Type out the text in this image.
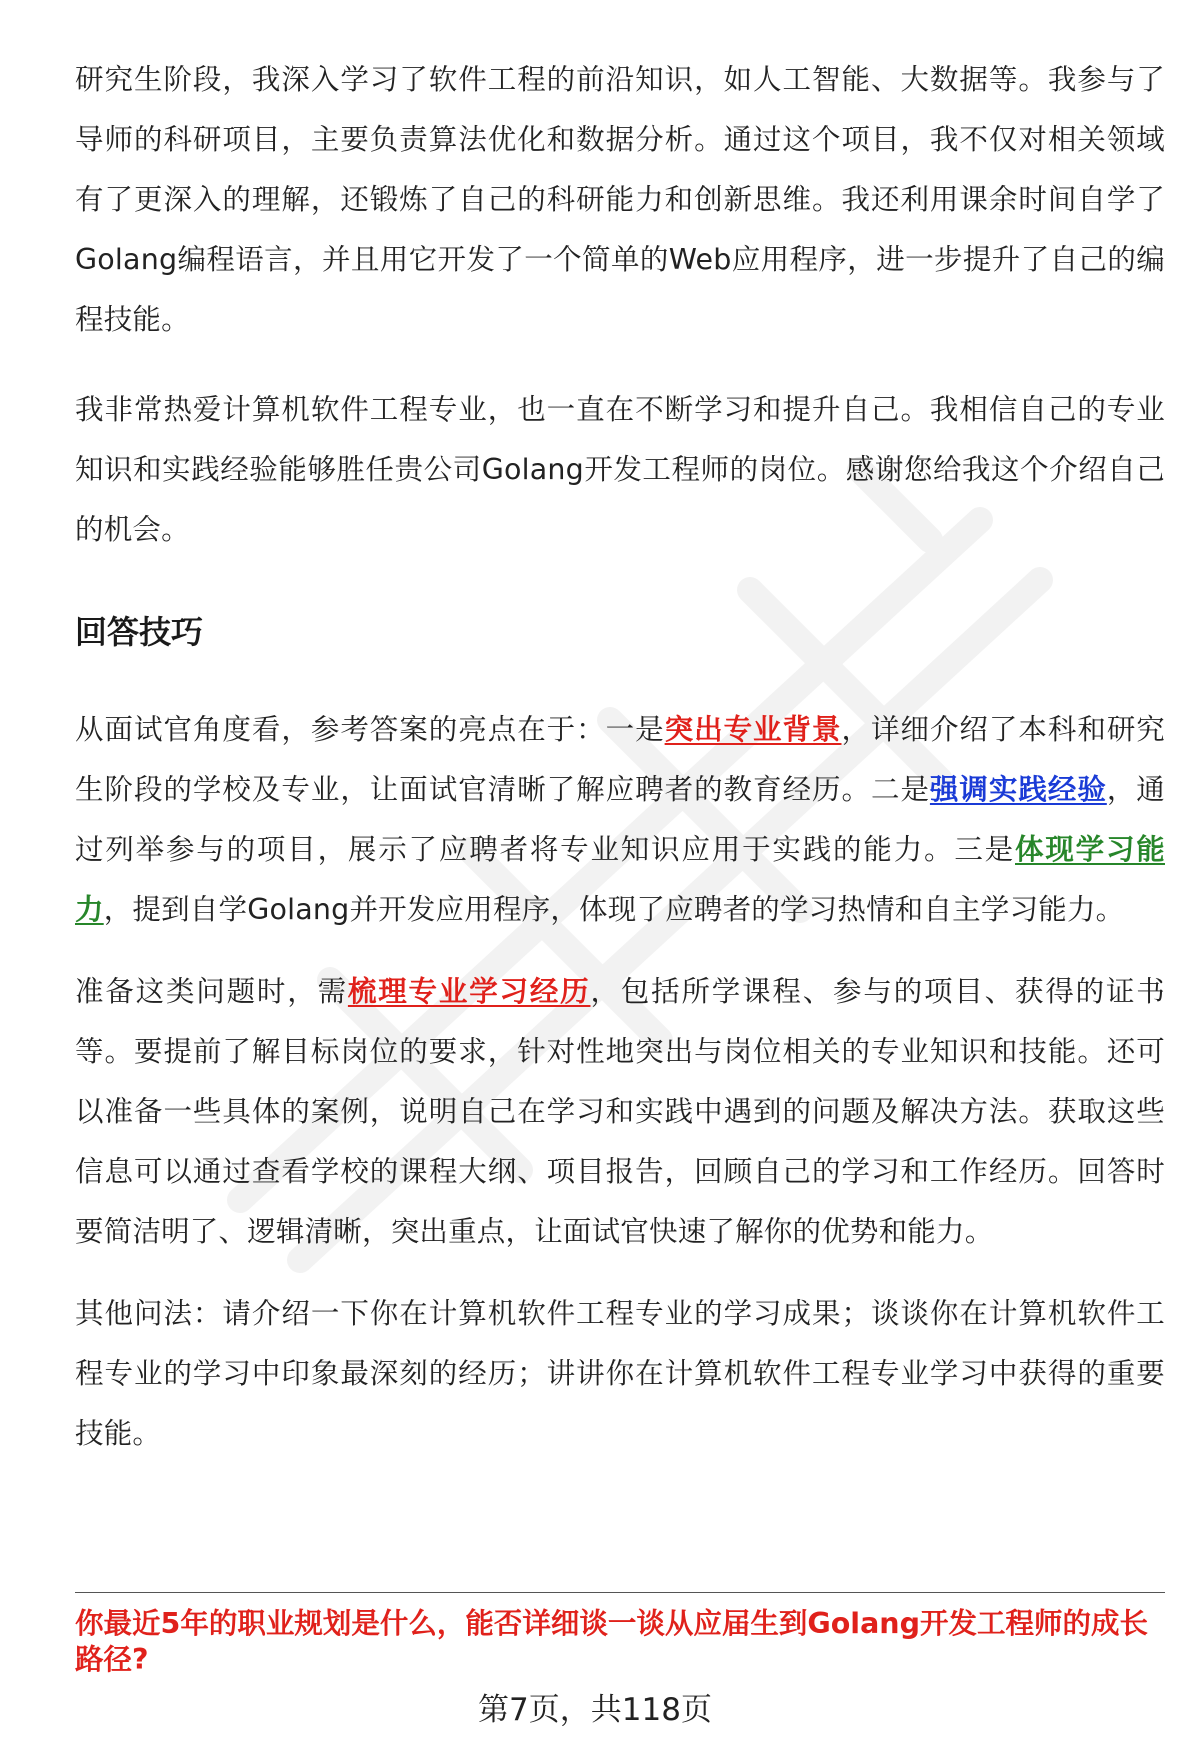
研究生阶段，我深入学习了软件工程的前沿知识，如人工智能、大数据等。我参与了导师的科研项目，主要负责算法优化和数据分析。通过这个项目，我不仅对相关领域有了更深入的理解，还锻炼了自己的科研能力和创新思维。我还利用课余时间自学了Golang编程语言，并且用它开发了一个简单的Web应用程序，进一步提升了自己的编程技能。

我非常热爱计算机软件工程专业，也一直在不断学习和提升自己。我相信自己的专业知识和实践经验能够胜任贵公司Golang开发工程师的岗位。感谢您给我这个介绍自己的机会。

回答技巧

从面试官角度看，参考答案的亮点在于：一是突出专业背景，详细介绍了本科和研究生阶段的学校及专业，让面试官清晰了解应聘者的教育经历。二是强调实践经验，通过列举参与的项目，展示了应聘者将专业知识应用于实践的能力。三是体现学习能力，提到自学Golang并开发应用程序，体现了应聘者的学习热情和自主学习能力。

准备这类问题时，需梳理专业学习经历，包括所学课程、参与的项目、获得的证书等。要提前了解目标岗位的要求，针对性地突出与岗位相关的专业知识和技能。还可以准备一些具体的案例，说明自己在学习和实践中遇到的问题及解决方法。获取这些信息可以通过查看学校的课程大纲、项目报告，回顾自己的学习和工作经历。回答时要简洁明了、逻辑清晰，突出重点，让面试官快速了解你的优势和能力。

其他问法：请介绍一下你在计算机软件工程专业的学习成果；谈谈你在计算机软件工程专业的学习中印象最深刻的经历；讲讲你在计算机软件工程专业学习中获得的重要技能。

你最近5年的职业规划是什么，能否详细谈一谈从应届生到Golang开发工程师的成长路径?
第7页，共118页
